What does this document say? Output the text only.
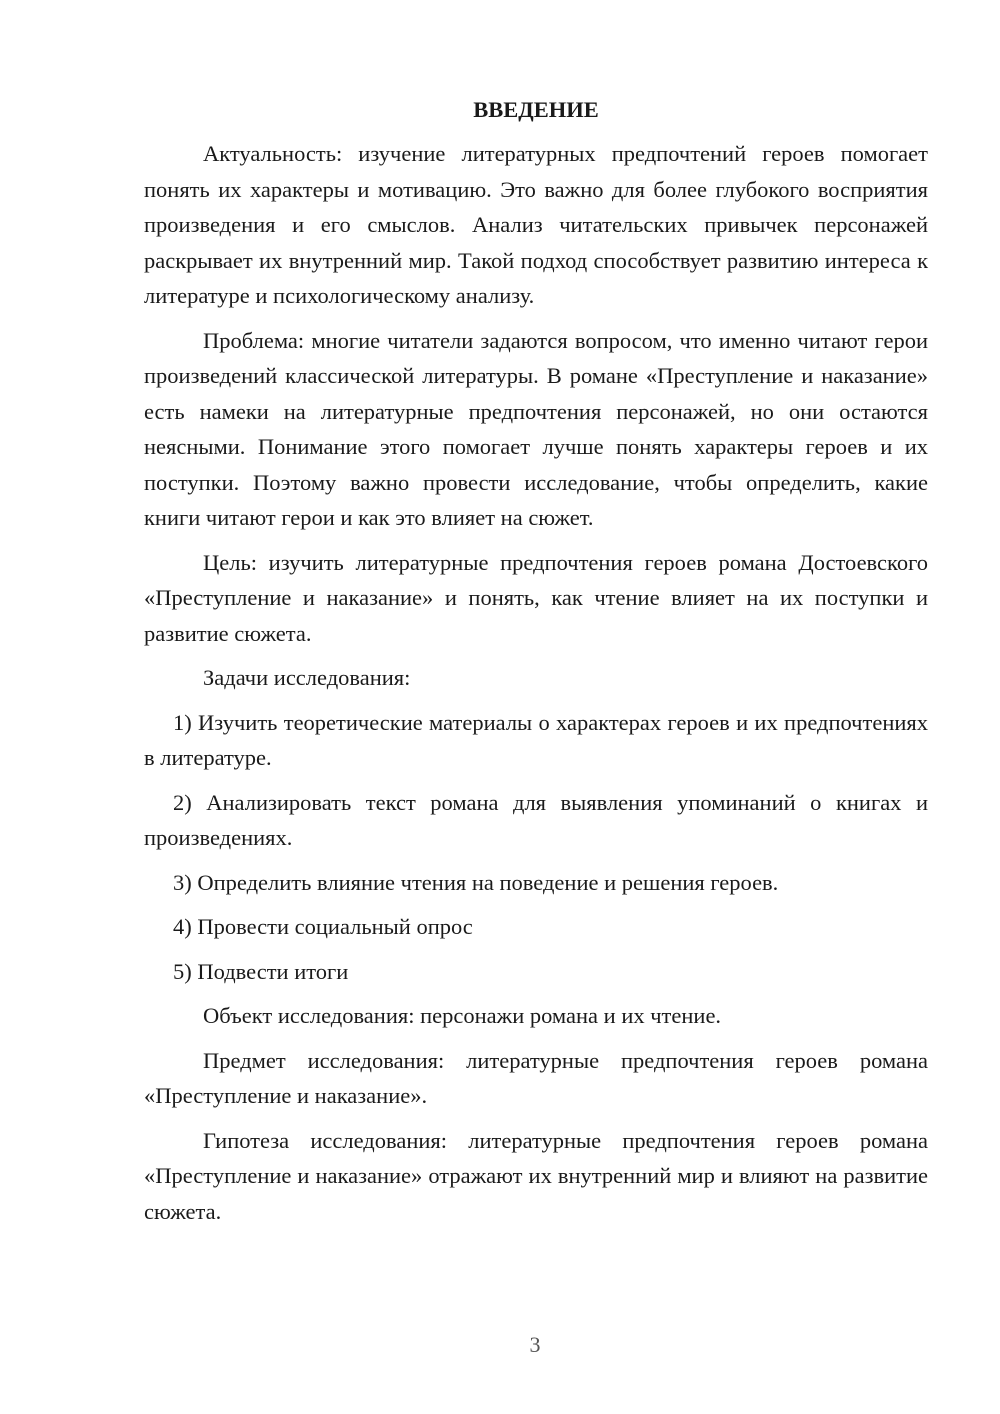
ВВЕДЕНИЕ

Актуальность: изучение литературных предпочтений героев помогает понять их характеры и мотивацию. Это важно для более глубокого восприятия произведения и его смыслов. Анализ читательских привычек персонажей раскрывает их внутренний мир. Такой подход способствует развитию интереса к литературе и психологическому анализу.

Проблема: многие читатели задаются вопросом, что именно читают герои произведений классической литературы. В романе «Преступление и наказание» есть намеки на литературные предпочтения персонажей, но они остаются неясными. Понимание этого помогает лучше понять характеры героев и их поступки. Поэтому важно провести исследование, чтобы определить, какие книги читают герои и как это влияет на сюжет.

Цель: изучить литературные предпочтения героев романа Достоевского «Преступление и наказание» и понять, как чтение влияет на их поступки и развитие сюжета.

Задачи исследования:

1) Изучить теоретические материалы о характерах героев и их предпочтениях в литературе.

2) Анализировать текст романа для выявления упоминаний о книгах и произведениях.

3) Определить влияние чтения на поведение и решения героев.

4) Провести социальный опрос

5) Подвести итоги

Объект исследования: персонажи романа и их чтение.

Предмет исследования: литературные предпочтения героев романа «Преступление и наказание».

Гипотеза исследования: литературные предпочтения героев романа «Преступление и наказание» отражают их внутренний мир и влияют на развитие сюжета.

3
